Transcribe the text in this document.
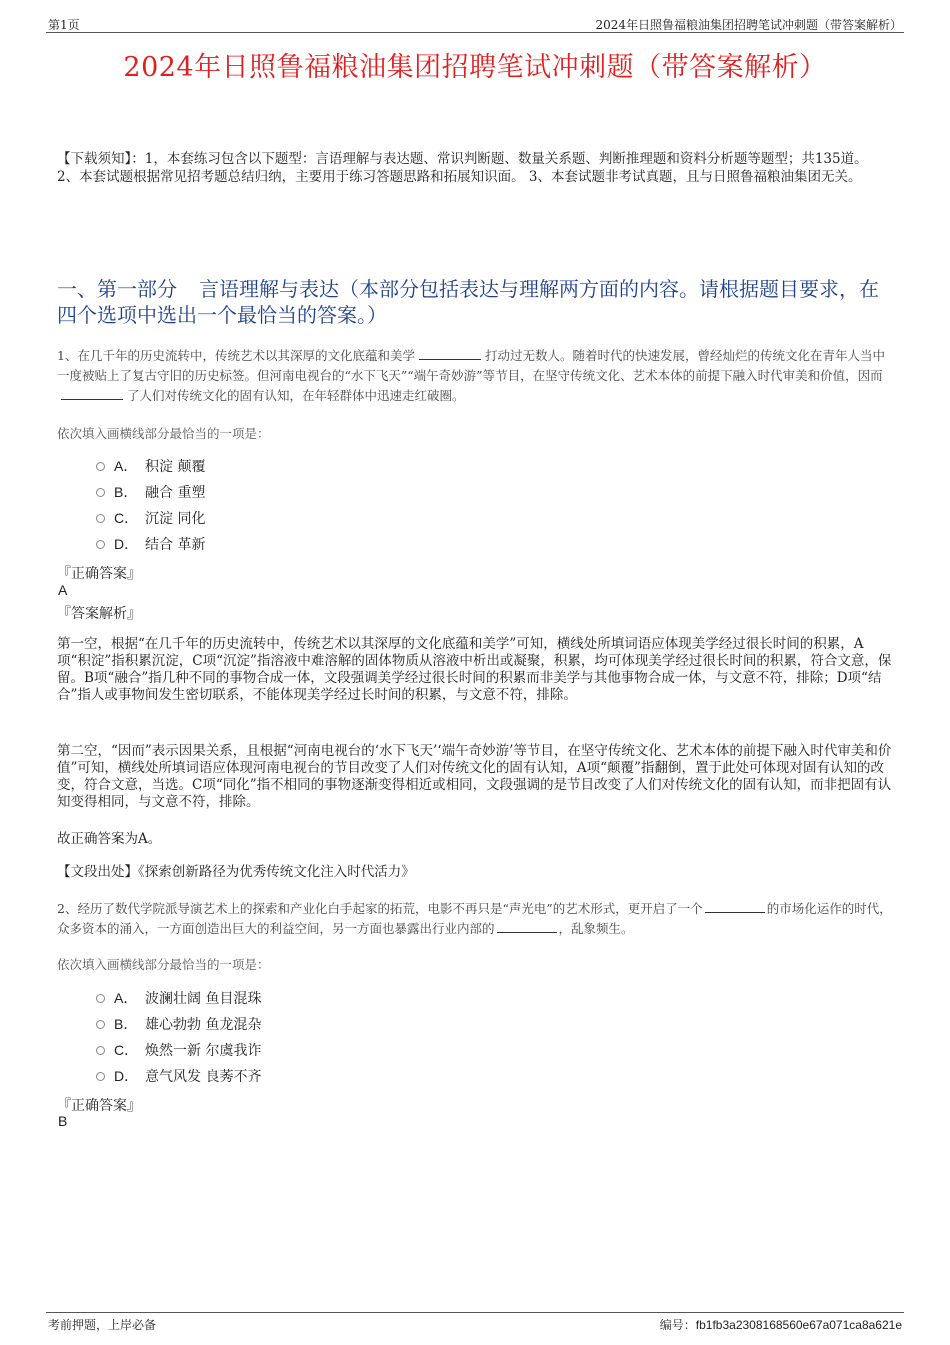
第1页	2024年日照鲁福粮油集团招聘笔试冲刺题（带答案解析）
2024年日照鲁福粮油集团招聘笔试冲刺题（带答案解析）
【下载须知】：1，本套练习包含以下题型：言语理解与表达题、常识判断题、数量关系题、判断推理题和资料分析题等题型；共135道。 2、本套试题根据常见招考题总结归纳，主要用于练习答题思路和拓展知识面。 3、本套试题非考试真题，且与日照鲁福粮油集团无关。
一、第一部分 言语理解与表达（本部分包括表达与理解两方面的内容。请根据题目要求，在四个选项中选出一个最恰当的答案。）
1、在几千年的历史流转中，传统艺术以其深厚的文化底蕴和美学	打动过无数人。随着时代的快速发展，曾经灿烂的传统文化在青年人当中一度被贴上了复古守旧的历史标签。但河南电视台的“水下飞天”“端午奇妙游”等节目，在坚守传统文化、艺术本体的前提下融入时代审美和价值，因而了人们对传统文化的固有认知，在年轻群体中迅速走红破圈。
依次填入画横线部分最恰当的一项是：
A． 积淀 颠覆
B． 融合 重塑
C． 沉淀 同化
D． 结合 革新
『正确答案』
A
『答案解析』
第一空，根据“在几千年的历史流转中，传统艺术以其深厚的文化底蕴和美学”可知，横线处所填词语应体现美学经过很长时间的积累，A项“积淀”指积累沉淀，C项“沉淀”指溶液中难溶解的固体物质从溶液中析出或凝聚，积累，均可体现美学经过很长时间的积累，符合文意，保留。B项“融合”指几种不同的事物合成一体，文段强调美学经过很长时间的积累而非美学与其他事物合成一体，与文意不符，排除；D项“结合”指人或事物间发生密切联系，不能体现美学经过长时间的积累，与文意不符，排除。
第二空，“因而”表示因果关系，且根据“河南电视台的‘水下飞天’‘端午奇妙游’等节目，在坚守传统文化、艺术本体的前提下融入时代审美和价值”可知，横线处所填词语应体现河南电视台的节目改变了人们对传统文化的固有认知，A项“颠覆”指翻倒，置于此处可体现对固有认知的改变，符合文意，当选。C项“同化”指不相同的事物逐渐变得相近或相同，文段强调的是节目改变了人们对传统文化的固有认知，而非把固有认知变得相同，与文意不符，排除。
故正确答案为A。
【文段出处】《探索创新路径为优秀传统文化注入时代活力》
2、经历了数代学院派导演艺术上的探索和产业化白手起家的拓荒，电影不再只是“声光电”的艺术形式，更开启了一个	的市场化运作的时代，众多资本的涌入，一方面创造出巨大的利益空间，另一方面也暴露出行业内部的	，乱象频生。
依次填入画横线部分最恰当的一项是：
A． 波澜壮阔 鱼目混珠
B． 雄心勃勃 鱼龙混杂
C． 焕然一新 尔虞我诈
D． 意气风发 良莠不齐
『正确答案』
B
考前押题，上岸必备	编号：fb1fb3a2308168560e67a071ca8a621e
